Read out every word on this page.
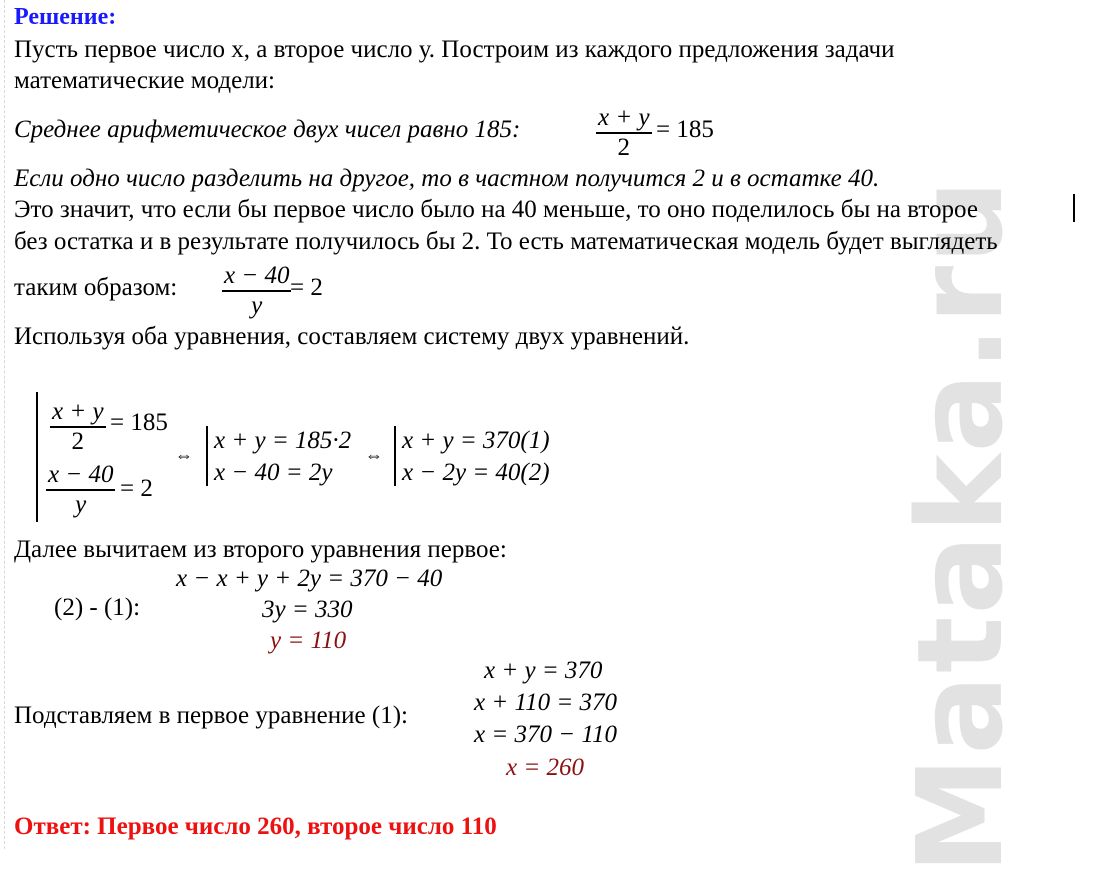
Mataka.ru
Решение:
Пусть первое число х, а второе число у. Построим из каждого предложения задачи
математические модели:
Среднее арифметическое двух чисел равно 185:	x + y
2
= 185
Если одно число разделить на другое, то в частном получится 2 и в остатке 40.
Это значит, что если бы первое число было на 40 меньше, то оно поделилось бы на второе
без остатка и в результате получилось бы 2. То есть математическая модель будет выглядеть
таким образом: x − 40
y
= 2
Используя оба уравнения, составляем систему двух уравнений.
x + y
2
= 185
x − 40
y
= 2
⇔
x + y = 185·2
x − 40 = 2y
⇔
x + y = 370(1)
x − 2y = 40(2)
Далее вычитаем из второго уравнения первое:
(2) - (1):
x − x + y + 2y = 370 − 40
3y = 330
y = 110
Подставляем в первое уравнение (1):
x + y = 370
x + 110 = 370
x = 370 − 110
x = 260
Ответ: Первое число 260, второе число 110
